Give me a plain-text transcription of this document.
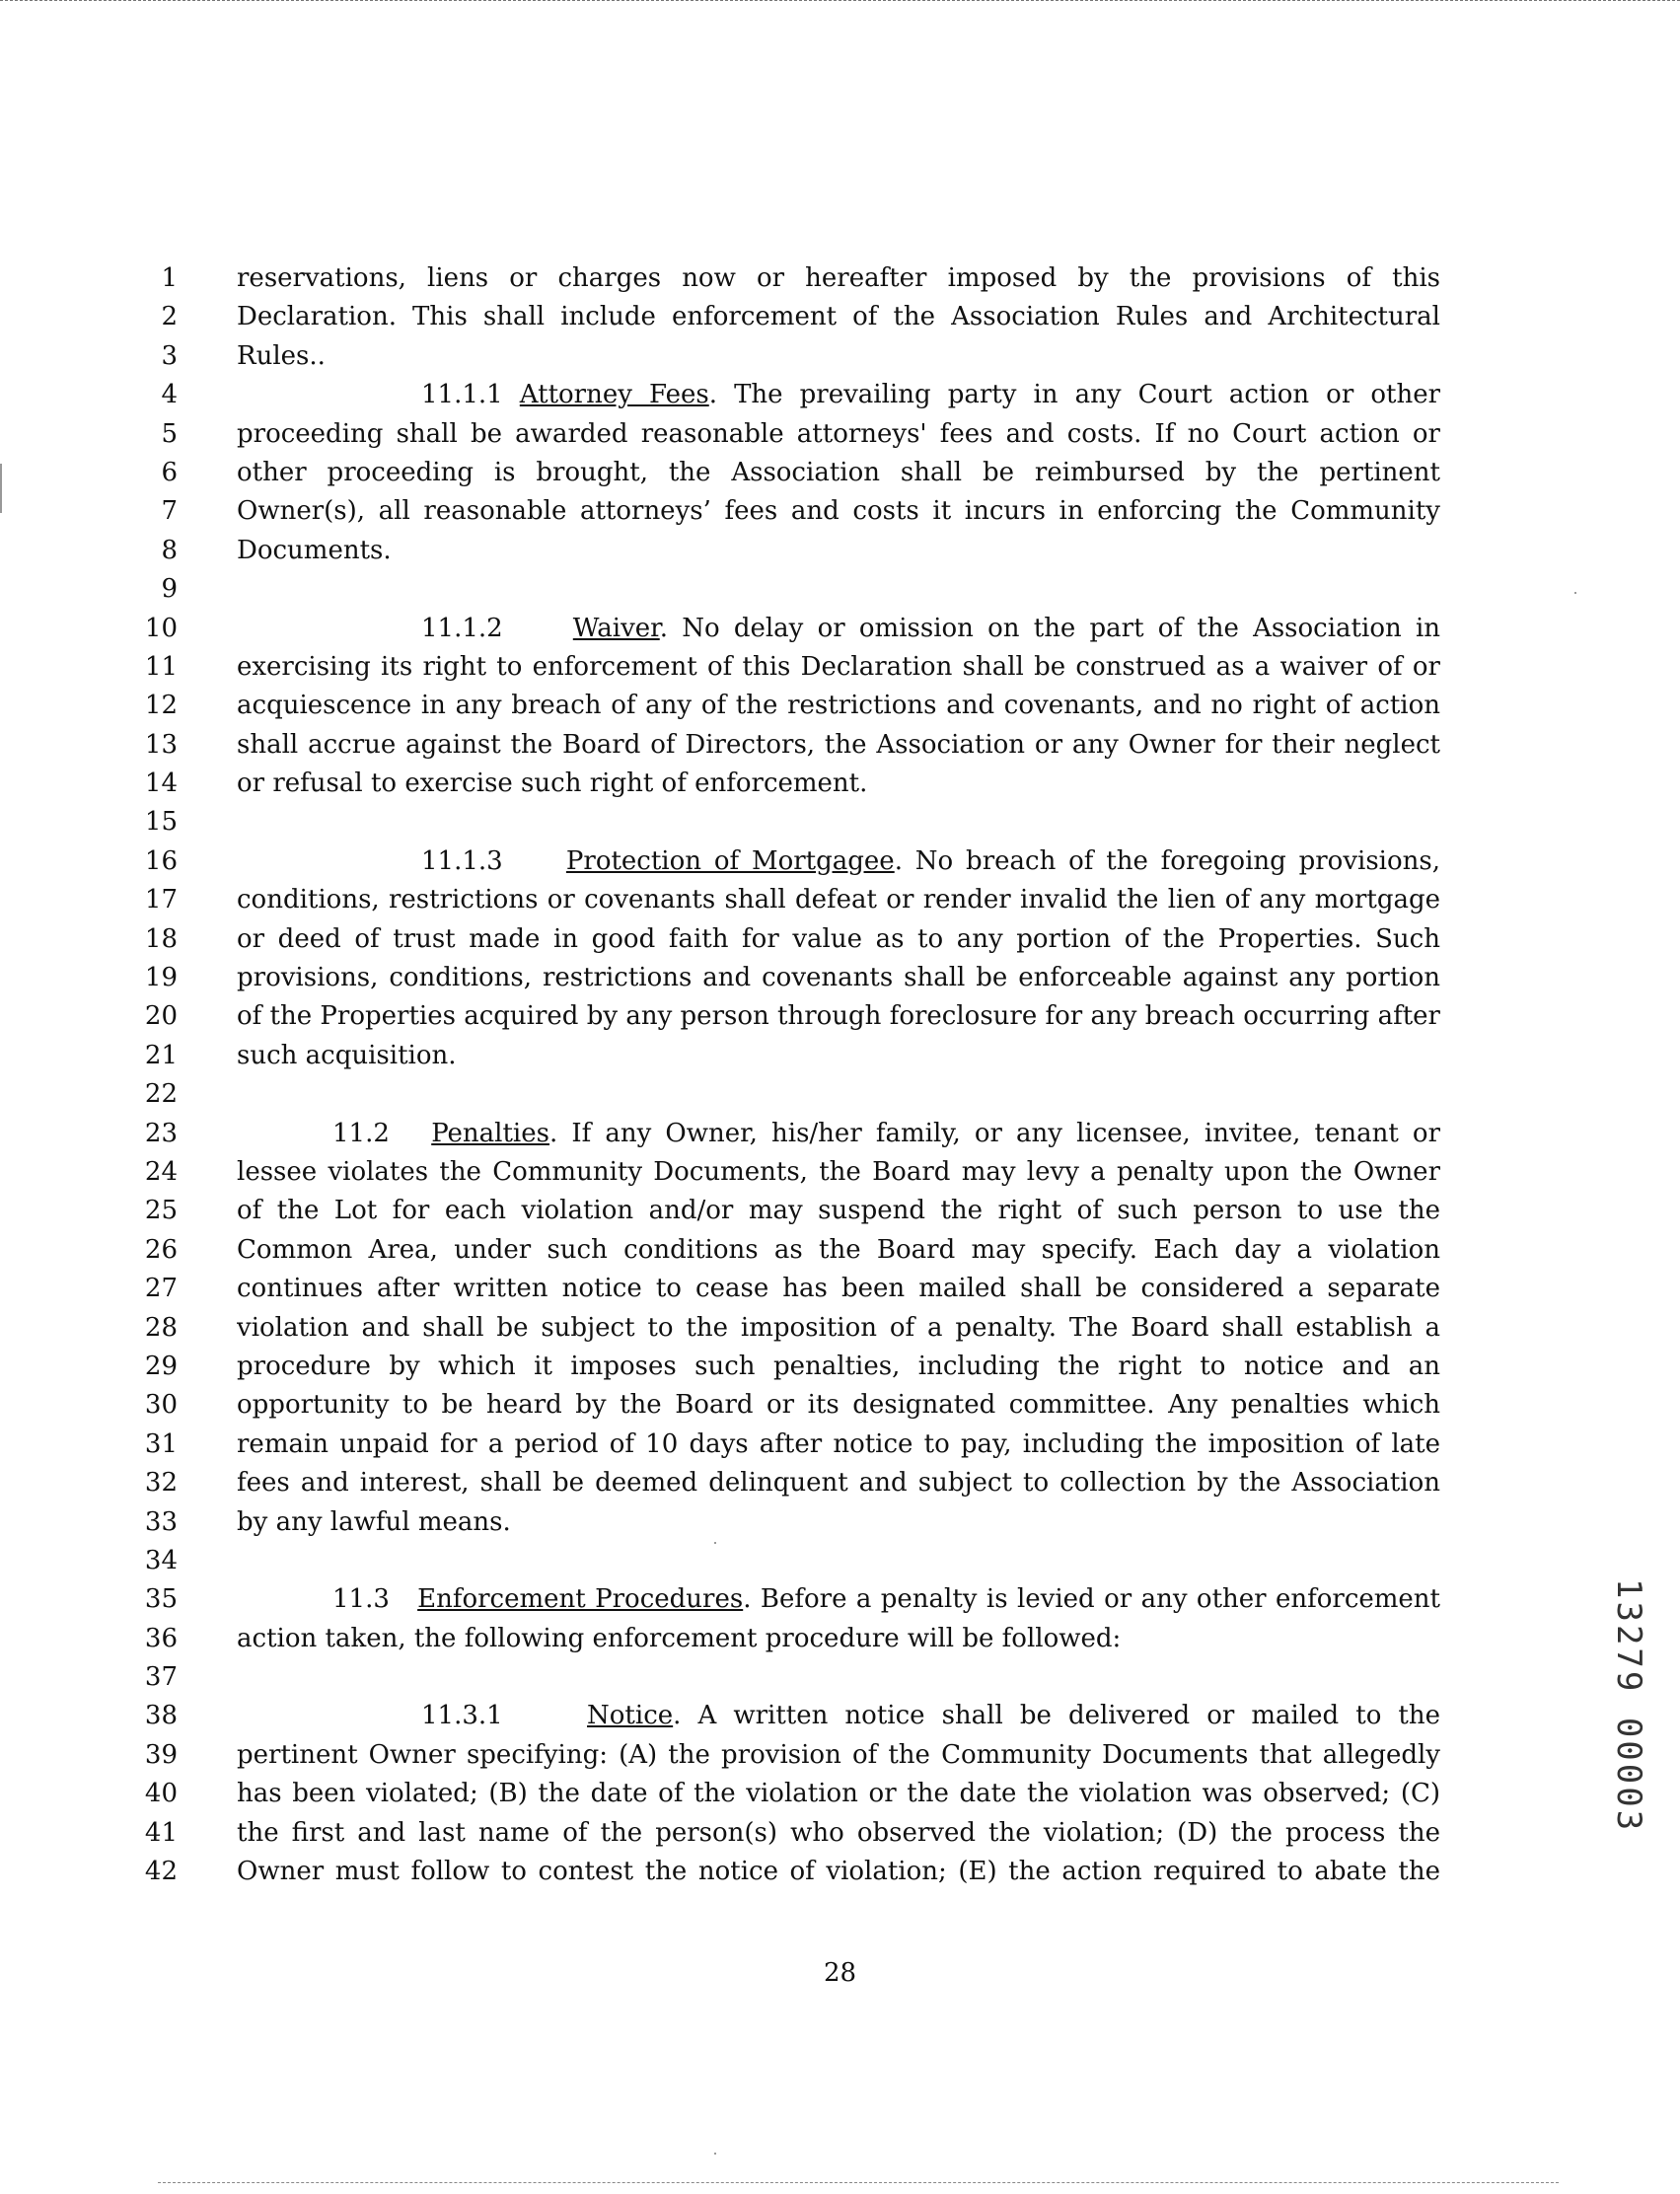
1
2
3
4
5
6
7
8
9
10
11
12
13
14
15
16
17
18
19
20
21
22
23
24
25
26
27
28
29
30
31
32
33
34
35
36
37
38
39
40
41
42
reservations, liens or charges now or hereafter imposed by the provisions of this
Declaration. This shall include enforcement of the Association Rules and Architectural
Rules..
11.1.1 Attorney Fees. The prevailing party in any Court action or other
proceeding shall be awarded reasonable attorneys' fees and costs. If no Court action or
other proceeding is brought, the Association shall be reimbursed by the pertinent
Owner(s), all reasonable attorneys’ fees and costs it incurs in enforcing the Community
Documents.
11.1.2	Waiver. No delay or omission on the part of the Association in
exercising its right to enforcement of this Declaration shall be construed as a waiver of or
acquiescence in any breach of any of the restrictions and covenants, and no right of action
shall accrue against the Board of Directors, the Association or any Owner for their neglect
or refusal to exercise such right of enforcement.
11.1.3 Protection of Mortgagee. No breach of the foregoing provisions,
conditions, restrictions or covenants shall defeat or render invalid the lien of any mortgage
or deed of trust made in good faith for value as to any portion of the Properties. Such
provisions, conditions, restrictions and covenants shall be enforceable against any portion
of the Properties acquired by any person through foreclosure for any breach occurring after
such acquisition.
11.2 Penalties. If any Owner, his/her family, or any licensee, invitee, tenant or
lessee violates the Community Documents, the Board may levy a penalty upon the Owner
of the Lot for each violation and/or may suspend the right of such person to use the
Common Area, under such conditions as the Board may specify. Each day a violation
continues after written notice to cease has been mailed shall be considered a separate
violation and shall be subject to the imposition of a penalty. The Board shall establish a
procedure by which it imposes such penalties, including the right to notice and an
opportunity to be heard by the Board or its designated committee. Any penalties which
remain unpaid for a period of 10 days after notice to pay, including the imposition of late
fees and interest, shall be deemed delinquent and subject to collection by the Association
by any lawful means.
11.3 Enforcement Procedures. Before a penalty is levied or any other enforcement
action taken, the following enforcement procedure will be followed:
11.3.1	Notice. A written notice shall be delivered or mailed to the
pertinent Owner specifying: (A) the provision of the Community Documents that allegedly
has been violated; (B) the date of the violation or the date the violation was observed; (C)
the first and last name of the person(s) who observed the violation; (D) the process the
Owner must follow to contest the notice of violation; (E) the action required to abate the
28
13279 00003
